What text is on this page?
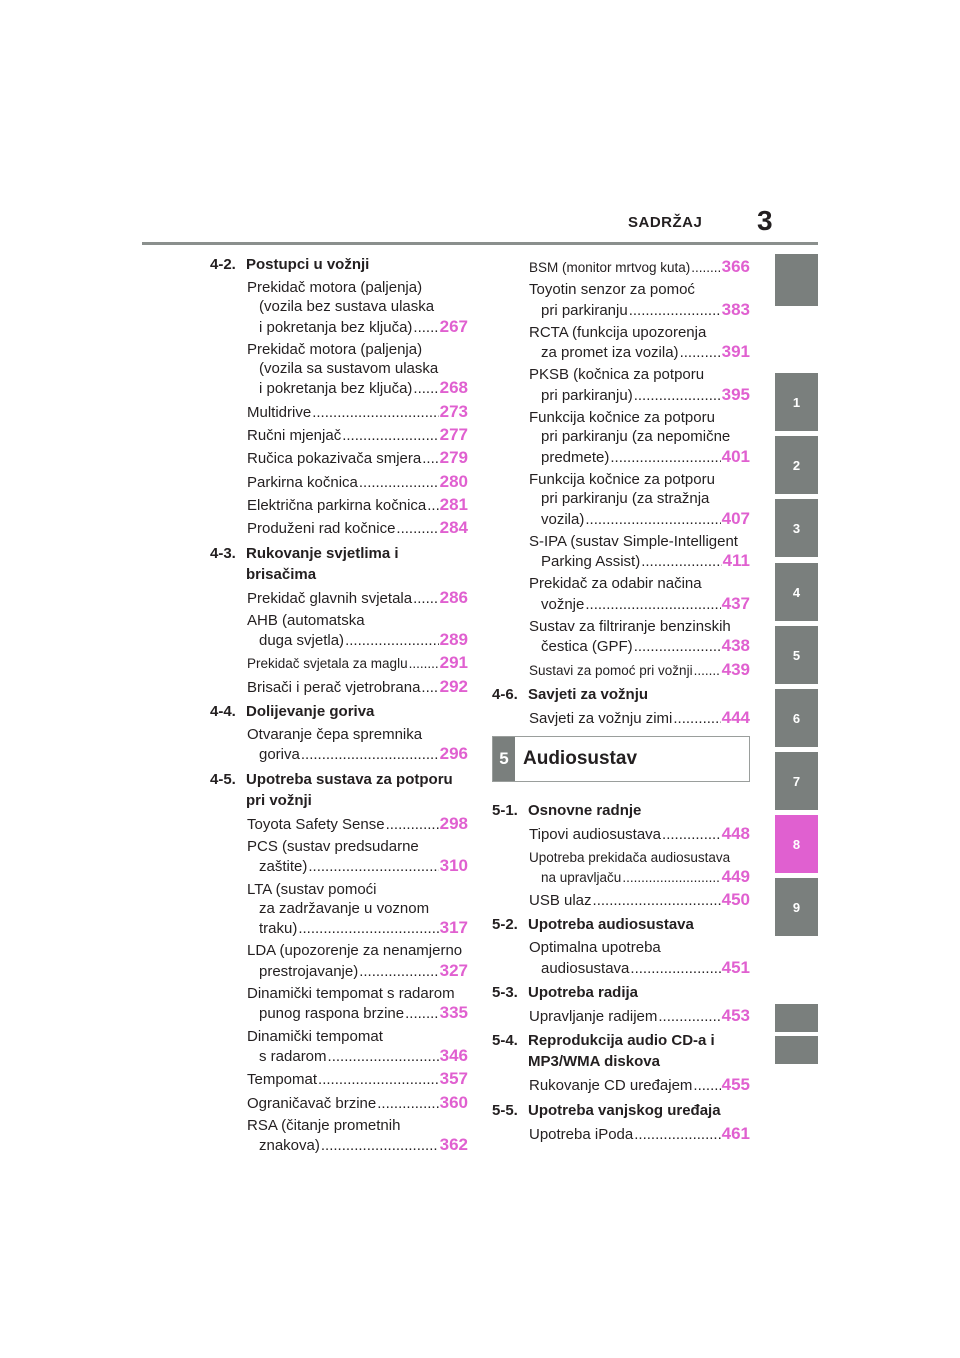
SADRŽAJ 3
4-2. Postupci u vožnji
Prekidač motora (paljenja)
(vozila bez sustava ulaska
i pokretanja bez ključa) ..... 267
Prekidač motora (paljenja)
(vozila sa sustavom ulaska
i pokretanja bez ključa) ..... 268
Multidrive .....	273
Ručni mjenjač .....	277
Ručica pokazivača smjera ..... 279
Parkirna kočnica .....	280
Električna parkirna kočnica ..... 281
Produženi rad kočnice .....	284
4-3. Rukovanje svjetlima i brisačima
Prekidač glavnih svjetala ..... 286
AHB (automatska
duga svjetla) .....	289
Prekidač svjetala za maglu ..... 291
Brisači i perač vjetrobrana ..... 292
4-4. Dolijevanje goriva
Otvaranje čepa spremnika
goriva .....	296
4-5. Upotreba sustava za potporu pri vožnji
Toyota Safety Sense .....	298
PCS (sustav predsudarne
zaštite) .....	310
LTA (sustav pomoći
za zadržavanje u voznom
traku) .....	317
LDA (upozorenje za nenamjerno
prestrojavanje) .....	327
Dinamički tempomat s radarom
punog raspona brzine ..... 335
Dinamički tempomat
s radarom .....	346
Tempomat .....	357
Ograničavač brzine .....	360
RSA (čitanje prometnih
znakova) .....	362
BSM (monitor mrtvog kuta) ..... 366
Toyotin senzor za pomoć
pri parkiranju .....	383
RCTA (funkcija upozorenja
za promet iza vozila) .....	391
PKSB (kočnica za potporu
pri parkiranju) .....	395
Funkcija kočnice za potporu
pri parkiranju (za nepomične
predmete) .....	401
Funkcija kočnice za potporu
pri parkiranju (za stražnja
vozila) .....	407
S-IPA (sustav Simple-Intelligent
Parking Assist) .....	411
Prekidač za odabir načina
vožnje .....	437
Sustav za filtriranje benzinskih
čestica (GPF) .....	438
Sustavi za pomoć pri vožnji ..... 439
4-6. Savjeti za vožnju
Savjeti za vožnju zimi .....	444
5 Audiosustav
5-1. Osnovne radnje
Tipovi audiosustava .....	448
Upotreba prekidača audiosustava
na upravljaču .....	449
USB ulaz .....	450
5-2. Upotreba audiosustava
Optimalna upotreba
audiosustava .....	451
5-3. Upotreba radija
Upravljanje radijem .....	453
5-4. Reprodukcija audio CD-a i MP3/WMA diskova
Rukovanje CD uređajem ..... 455
5-5. Upotreba vanjskog uređaja
Upotreba iPoda .....	461
1
2
3
4
5
6
7
8
9
